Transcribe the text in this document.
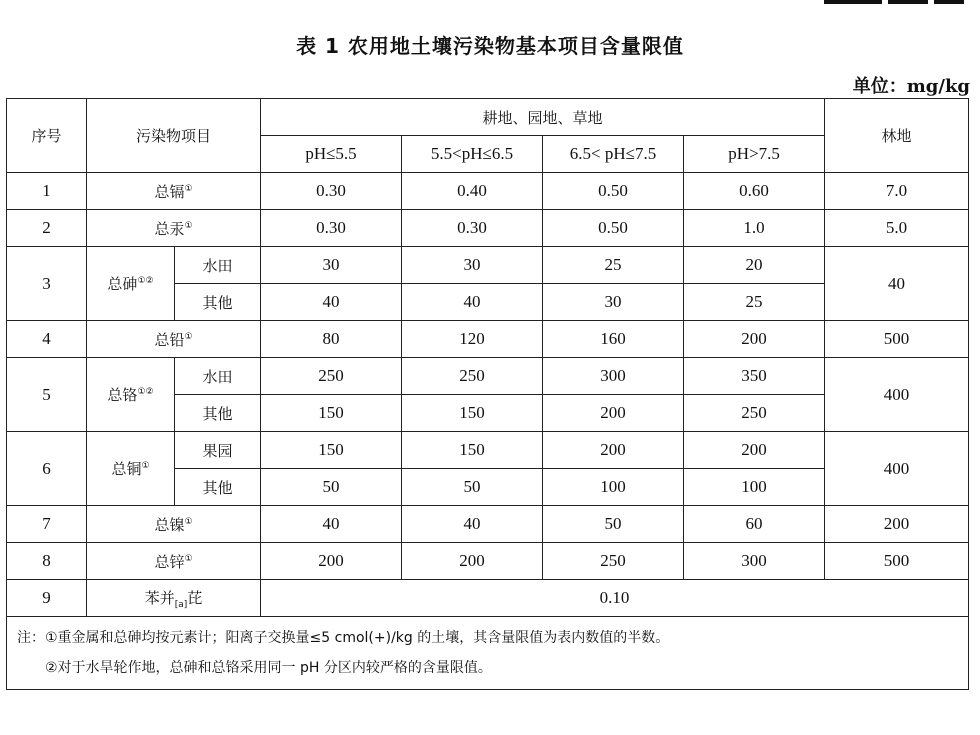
表 1 农用地土壤污染物基本项目含量限值
单位：mg/kg
序号	污染物项目		耕地、园地、草地				林地
			pH≤5.5	5.5<pH≤6.5	6.5< pH≤7.5	pH>7.5	
1	总镉①		0.30	0.40	0.50	0.60	7.0
2	总汞①		0.30	0.30	0.50	1.0	5.0
3	总砷①②	水田	30	30	25	20	40
		其他	40	40	30	25	
4	总铅①		80	120	160	200	500
5	总铬①②	水田	250	250	300	350	400
		其他	150	150	200	250	
6	总铜①	果园	150	150	200	200	400
		其他	50	50	100	100	
7	总镍①		40	40	50	60	200
8	总锌①		200	200	250	300	500
9	苯并$_{[a]}$芘		0.10				

注：①重金属和总砷均按元素计；阳离子交换量≤5 cmol(+)/kg 的土壤，其含量限值为表内数值的半数。
②对于水旱轮作地，总砷和总铬采用同一 pH 分区内较严格的含量限值。							
